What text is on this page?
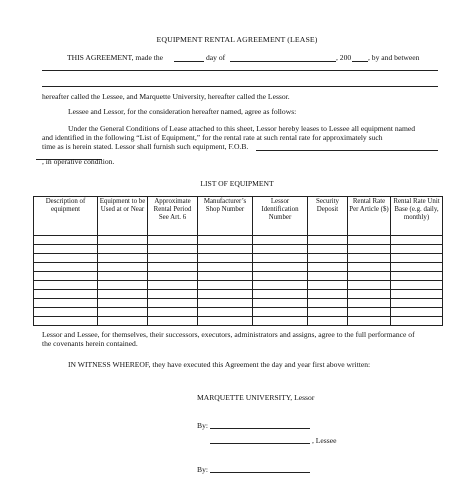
EQUIPMENT RENTAL AGREEMENT (LEASE)
THIS AGREEMENT, made the	day of	, 200 , by and between
hereafter called the Lessee, and Marquette University, hereafter called the Lessor.
Lessee and Lessor, for the consideration hereafter named, agree as follows:
Under the General Conditions of Lease attached to this sheet, Lessor hereby leases to Lessee all equipment named
and identified in the following “List of Equipment,” for the rental rate at such rental rate for approximately such
time as is herein stated. Lessor shall furnish such equipment, F.O.B.
, in operative condition.
LIST OF EQUIPMENT
Description of equipment	Equipment to be Used at or Near	Approximate Rental Period See Art. 6	Manufacturer’s Shop Number	Lessor Identification Number	Security Deposit	Rental Rate Per Article ($)	Rental Rate Unit Base (e.g. daily, monthly)

Lessor and Lessee, for themselves, their successors, executors, administrators and assigns, agree to the full performance of
the covenants herein contained.
IN WITNESS WHEREOF, they have executed this Agreement the day and year first above written:
MARQUETTE UNIVERSITY, Lessor
By:
, Lessee
By:
